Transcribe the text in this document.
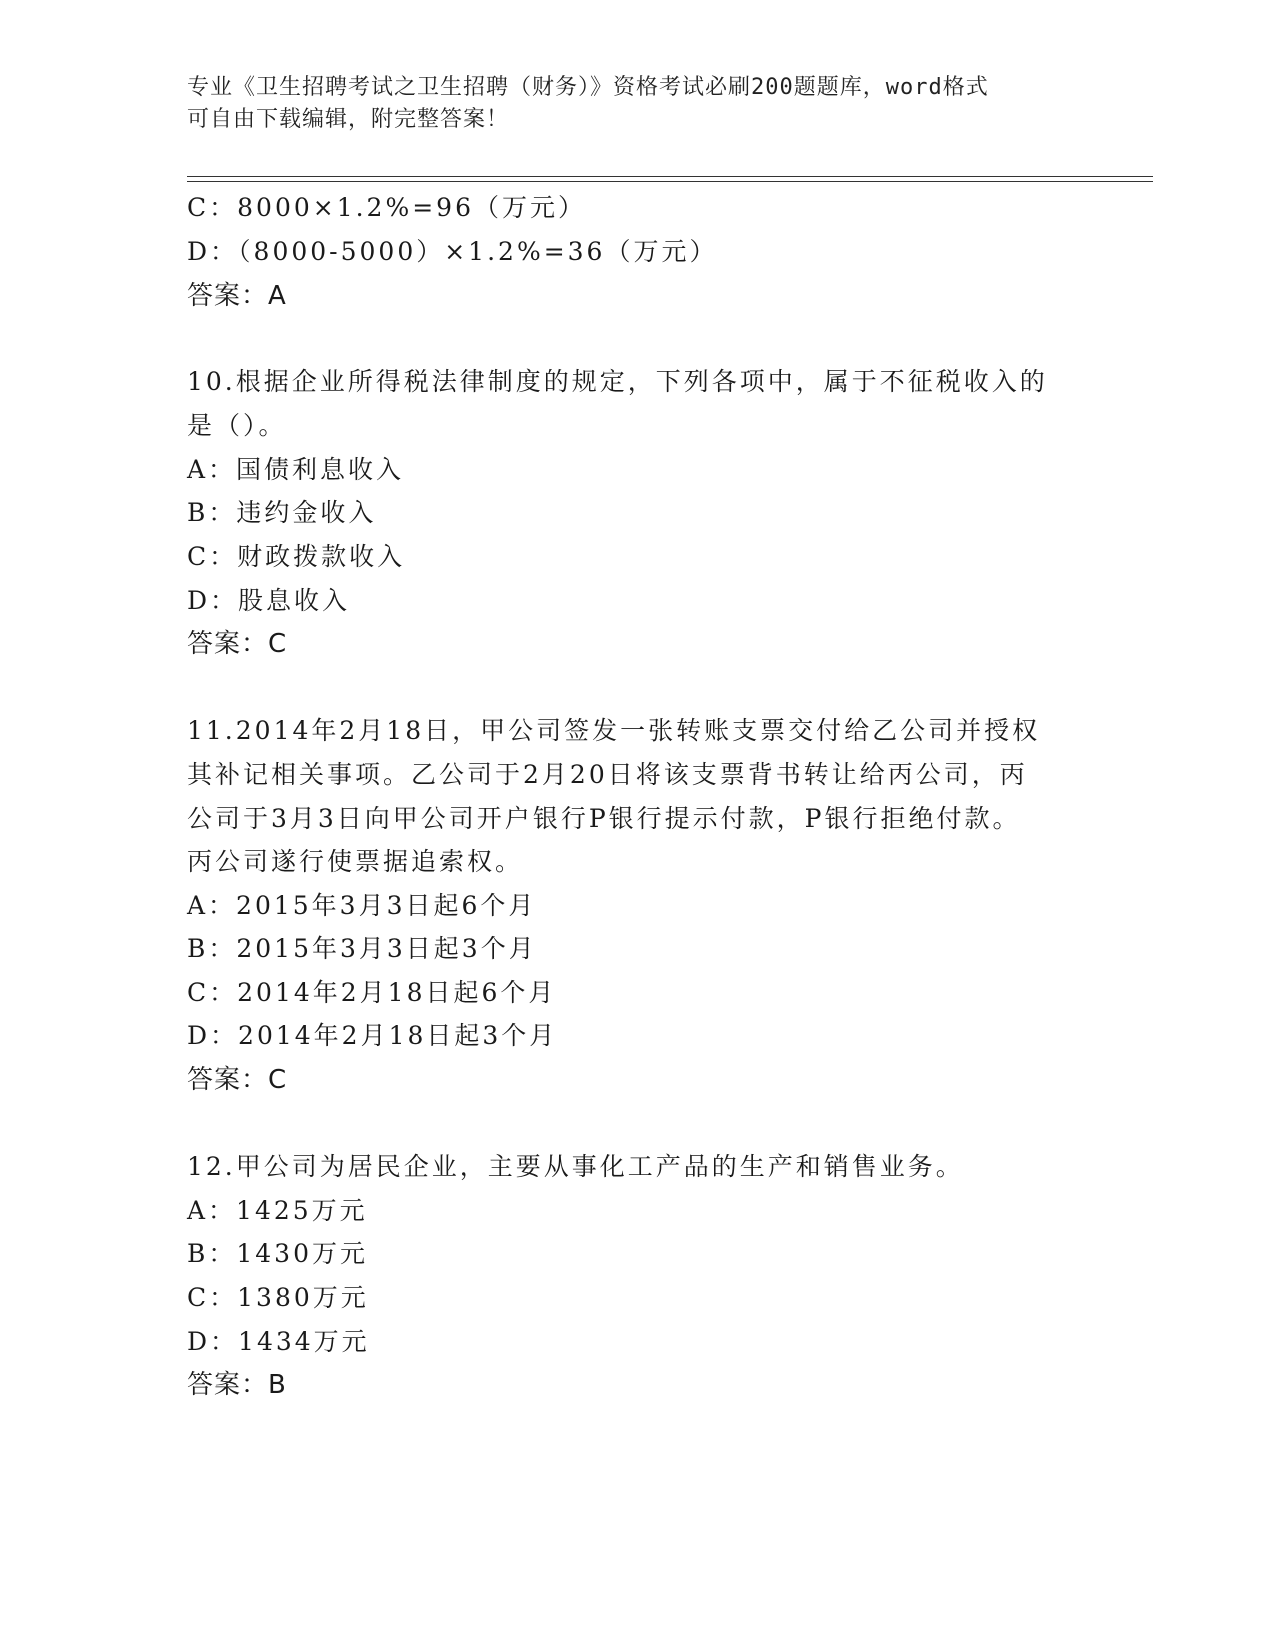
专业《卫生招聘考试之卫生招聘（财务）》资格考试必刷200题题库，word格式
可自由下载编辑，附完整答案！
C：8000×1.2%=96（万元）
D：（8000-5000）×1.2%=36（万元）
答案：A
10.根据企业所得税法律制度的规定，下列各项中，属于不征税收入的
是（）。
A：国债利息收入
B：违约金收入
C：财政拨款收入
D：股息收入
答案：C
11.2014年2月18日，甲公司签发一张转账支票交付给乙公司并授权
其补记相关事项。乙公司于2月20日将该支票背书转让给丙公司，丙
公司于3月3日向甲公司开户银行P银行提示付款，P银行拒绝付款。
丙公司遂行使票据追索权。
A：2015年3月3日起6个月
B：2015年3月3日起3个月
C：2014年2月18日起6个月
D：2014年2月18日起3个月
答案：C
12.甲公司为居民企业，主要从事化工产品的生产和销售业务。
A：1425万元
B：1430万元
C：1380万元
D：1434万元
答案：B
